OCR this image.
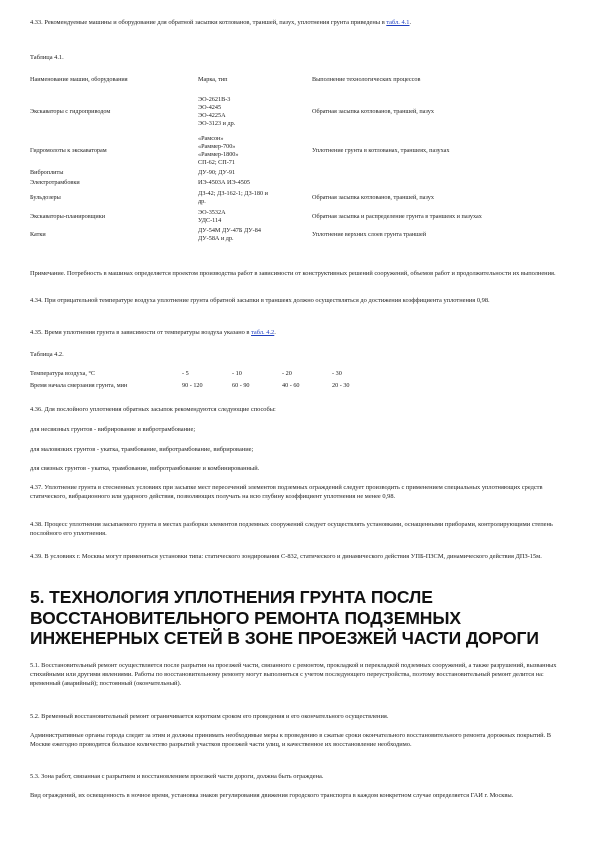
4.33. Рекомендуемые машины и оборудование для обратной засыпки котлованов, траншей, пазух, уплотнения грунта приведены в табл. 4.1.

Таблица 4.1.

Наименование машин, оборудования	Марка, тип	Выполнение технологических процессов
Экскаваторы с гидроприводом	ЭО-2621В-3
ЭО-4245
ЭО-4225А
ЭО-3123 и др.	Обратная засыпка котлованов, траншей, пазух
Гидромолоты к экскаваторам	«Рамсон»
«Раммер-700»
«Раммер-1800»
СП-62; СП-71	Уплотнение грунта в котлованах, траншеях, пазухах
Виброплиты	ДУ-90; ДУ-91	

Электротрамбовки	ИЭ-4503А ИЭ-4505	

Бульдозеры	ДЗ-42; ДЗ-162-1; ДЗ-180 и
др.	Обратная засыпка котлованов, траншей, пазух
Экскаваторы-планировщики	ЭО-3532А
УДС-114	Обратная засыпка и распределение грунта в траншеях и пазухах
Катки	ДУ-54М ДУ-47Б ДУ-84
ДУ-58А и др.	Уплотнение верхних слоев грунта траншей

Примечание. Потребность в машинах определяется проектом производства работ в зависимости от конструктивных решений сооружений, объемов работ и продолжительности их выполнения.

4.34. При отрицательной температуре воздуха уплотнение грунта обратной засыпки в траншеях должно осуществляться до достижения коэффициента уплотнения 0,98.

4.35. Время уплотнения грунта в зависимости от температуры воздуха указано в табл. 4.2.

Таблица 4.2.

Температура воздуха, °С	- 5	- 10	- 20	- 30
Время начала смерзания грунта, мин	90 - 120	60 - 90	40 - 60	20 - 30

4.36. Для послойного уплотнения обратных засыпок рекомендуются следующие способы:

для несвязных грунтов - вибрирование и вибротрамбование;

для маловязких грунтов - укатка, трамбование, вибротрамбование, вибрирование;

для связных грунтов - укатка, трамбование, вибротрамбование и комбинированный.

4.37. Уплотнение грунта в стесненных условиях при засыпке мест пересечений элементов подземных ограждений следует производить с применением специальных уплотняющих средств статического, вибрационного или ударного действия, позволяющих получать на всю глубину коэффициент уплотнения не менее 0,98.

4.38. Процесс уплотнения засыпаемого грунта в местах разборки элементов подземных сооружений следует осуществлять установками, оснащенными приборами, контролирующими степень послойного его уплотнения.

4.39. В условиях г. Москвы могут применяться установки типа: статического зондирования С-832, статического и динамического действия УПБ-ПЗСМ, динамического действия ДПЗ-15м.

5. ТЕХНОЛОГИЯ УПЛОТНЕНИЯ ГРУНТА ПОСЛЕ
ВОССТАНОВИТЕЛЬНОГО РЕМОНТА ПОДЗЕМНЫХ
ИНЖЕНЕРНЫХ СЕТЕЙ В ЗОНЕ ПРОЕЗЖЕЙ ЧАСТИ ДОРОГИ

5.1. Восстановительный ремонт осуществляется после разрытия на проезжей части, связанного с ремонтом, прокладкой и перекладкой подземных сооружений, а также разрушений, вызванных стихийными или другими явлениями. Работы по восстановительному ремонту могут выполняться с учетом последующего переустройства, поэтому восстановительный ремонт делится на: временный (аварийный); постоянный (окончательный).

5.2. Временный восстановительный ремонт ограничивается коротким сроком его проведения и его окончательного осуществления.

Административные органы города следят за этим и должны принимать необходимые меры к проведению в сжатые сроки окончательного восстановительного ремонта дорожных покрытий. В Москве ежегодно проводится большое количество разрытий участков проезжей части улиц, и качественное их восстановление необходимо.

5.3. Зона работ, связанная с разрытием и восстановлением проезжей части дороги, должна быть ограждена.

Вид ограждений, их освещенность в ночное время, установка знаков регулирования движения городского транспорта в каждом конкретном случае определяется ГАИ г. Москвы.
